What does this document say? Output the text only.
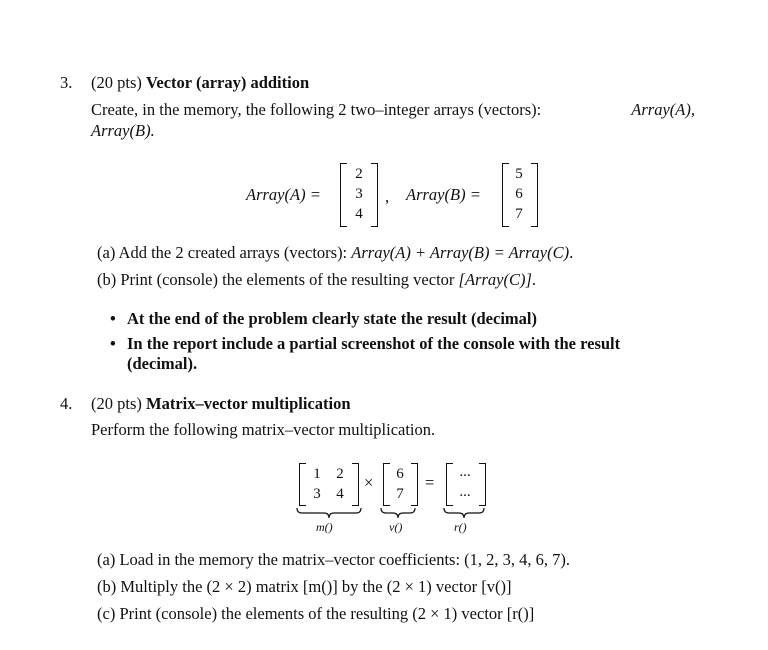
3. (20 pts) Vector (array) addition
Create, in the memory, the following 2 two–integer arrays (vectors):	Array(A),
Array(B).
Array(A) =
2
3
4
, Array(B) =
5
6
7
(a) Add the 2 created arrays (vectors): Array(A) + Array(B) = Array(C).
(b) Print (console) the elements of the resulting vector [Array(C)].
• At the end of the problem clearly state the result (decimal)
• In the report include a partial screenshot of the console with the result
(decimal).
4. (20 pts) Matrix–vector multiplication
Perform the following matrix–vector multiplication.
1	2
3	4
×	6
7
=
...
...
m()	v()	r()
(a) Load in the memory the matrix–vector coefficients: (1, 2, 3, 4, 6, 7).
(b) Multiply the (2 × 2) matrix [m()] by the (2 × 1) vector [v()]
(c) Print (console) the elements of the resulting (2 × 1) vector [r()]
